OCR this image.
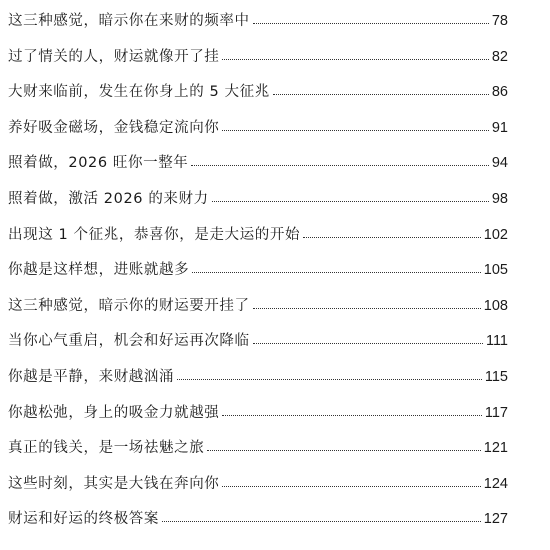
这三种感觉，暗示你在来财的频率中	78
过了情关的人，财运就像开了挂	82
大财来临前，发生在你身上的 5 大征兆	86
养好吸金磁场，金钱稳定流向你	91
照着做，2026 旺你一整年	94
照着做，激活 2026 的来财力	98
出现这 1 个征兆，恭喜你，是走大运的开始	102
你越是这样想，进账就越多	105
这三种感觉，暗示你的财运要开挂了	108
当你心气重启，机会和好运再次降临	111
你越是平静，来财越汹涌	115
你越松弛，身上的吸金力就越强	117
真正的钱关，是一场祛魅之旅	121
这些时刻，其实是大钱在奔向你	124
财运和好运的终极答案	127
